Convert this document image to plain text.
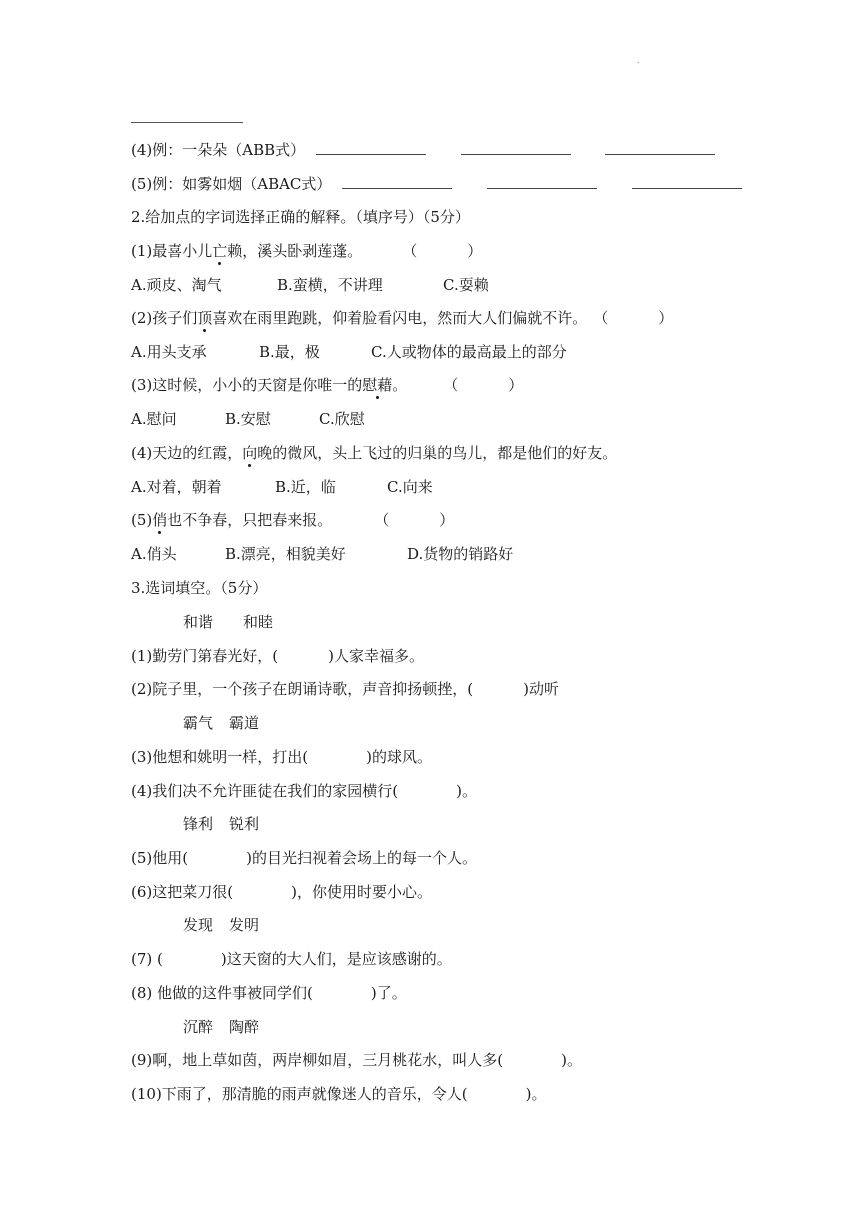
.
(4)例：一朵朵（ABB式）
(5)例：如雾如烟（ABAC式）
2.给加点的字词选择正确的解释。（填序号）（5分）
(1)最喜小儿亡赖，溪头卧剥莲蓬。	（	）
A.顽皮、淘气	B.蛮横，不讲理	C.耍赖
(2)孩子们顶喜欢在雨里跑跳，仰着脸看闪电，然而大人们偏就不许。 （	）
A.用头支承	B.最，极	C.人或物体的最高最上的部分
(3)这时候，小小的天窗是你唯一的慰藉。 （	）
A.慰问	B.安慰	C.欣慰
(4)天边的红霞，向晚的微风，头上飞过的归巢的鸟儿，都是他们的好友。
A.对着，朝着	B.近，临	C.向来
(5)俏也不争春，只把春来报。	（	）
A.俏头	B.漂亮，相貌美好	D.货物的销路好
3.选词填空。（5分）
和谐 和睦
(1)勤劳门第春光好，(	)人家幸福多。
(2)院子里，一个孩子在朗诵诗歌，声音抑扬顿挫，(	)动听
霸气 霸道
(3)他想和姚明一样，打出(	)的球风。
(4)我们决不允许匪徒在我们的家园横行(	)。
锋利 锐利
(5)他用(	)的目光扫视着会场上的每一个人。
(6)这把菜刀很(	)，你使用时要小心。
发现 发明
(7) (	)这天窗的大人们，是应该感谢的。
(8) 他做的这件事被同学们(	)了。
沉醉 陶醉
(9)啊，地上草如茵，两岸柳如眉，三月桃花水，叫人多(	)。
(10)下雨了，那清脆的雨声就像迷人的音乐，令人(	)。
